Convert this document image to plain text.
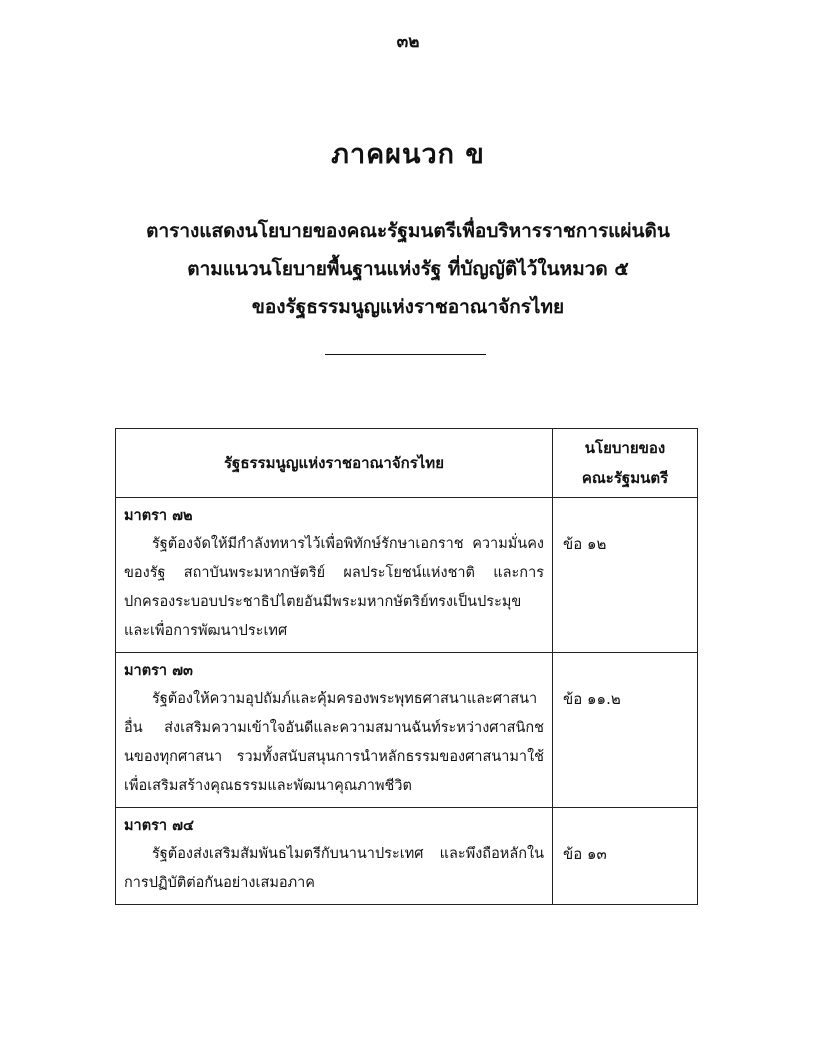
๓๒
ภาคผนวก ข
ตารางแสดงนโยบายของคณะรัฐมนตรีเพื่อบริหารราชการแผ่นดิน
ตามแนวนโยบายพื้นฐานแห่งรัฐ ที่บัญญัติไว้ในหมวด ๕
ของรัฐธรรมนูญแห่งราชอาณาจักรไทย
รัฐธรรมนูญแห่งราชอาณาจักรไทย	นโยบายของ
คณะรัฐมนตรี

มาตรา ๗๒
รัฐต้องจัดให้มีกำลังทหารไว้เพื่อพิทักษ์รักษาเอกราช ความมั่นคงของรัฐ สถาบันพระมหากษัตริย์ ผลประโยชน์แห่งชาติ และการปกครองระบอบประชาธิปไตยอันมีพระมหากษัตริย์ทรงเป็นประมุข และเพื่อการพัฒนาประเทศ	ข้อ ๑๒

มาตรา ๗๓
รัฐต้องให้ความอุปถัมภ์และคุ้มครองพระพุทธศาสนาและศาสนาอื่น ส่งเสริมความเข้าใจอันดีและความสมานฉันท์ระหว่างศาสนิกชนของทุกศาสนา รวมทั้งสนับสนุนการนำหลักธรรมของศาสนามาใช้เพื่อเสริมสร้างคุณธรรมและพัฒนาคุณภาพชีวิต	ข้อ ๑๑.๒

มาตรา ๗๔
รัฐต้องส่งเสริมสัมพันธไมตรีกับนานาประเทศ และพึงถือหลักในการปฏิบัติต่อกันอย่างเสมอภาค	ข้อ ๑๓
